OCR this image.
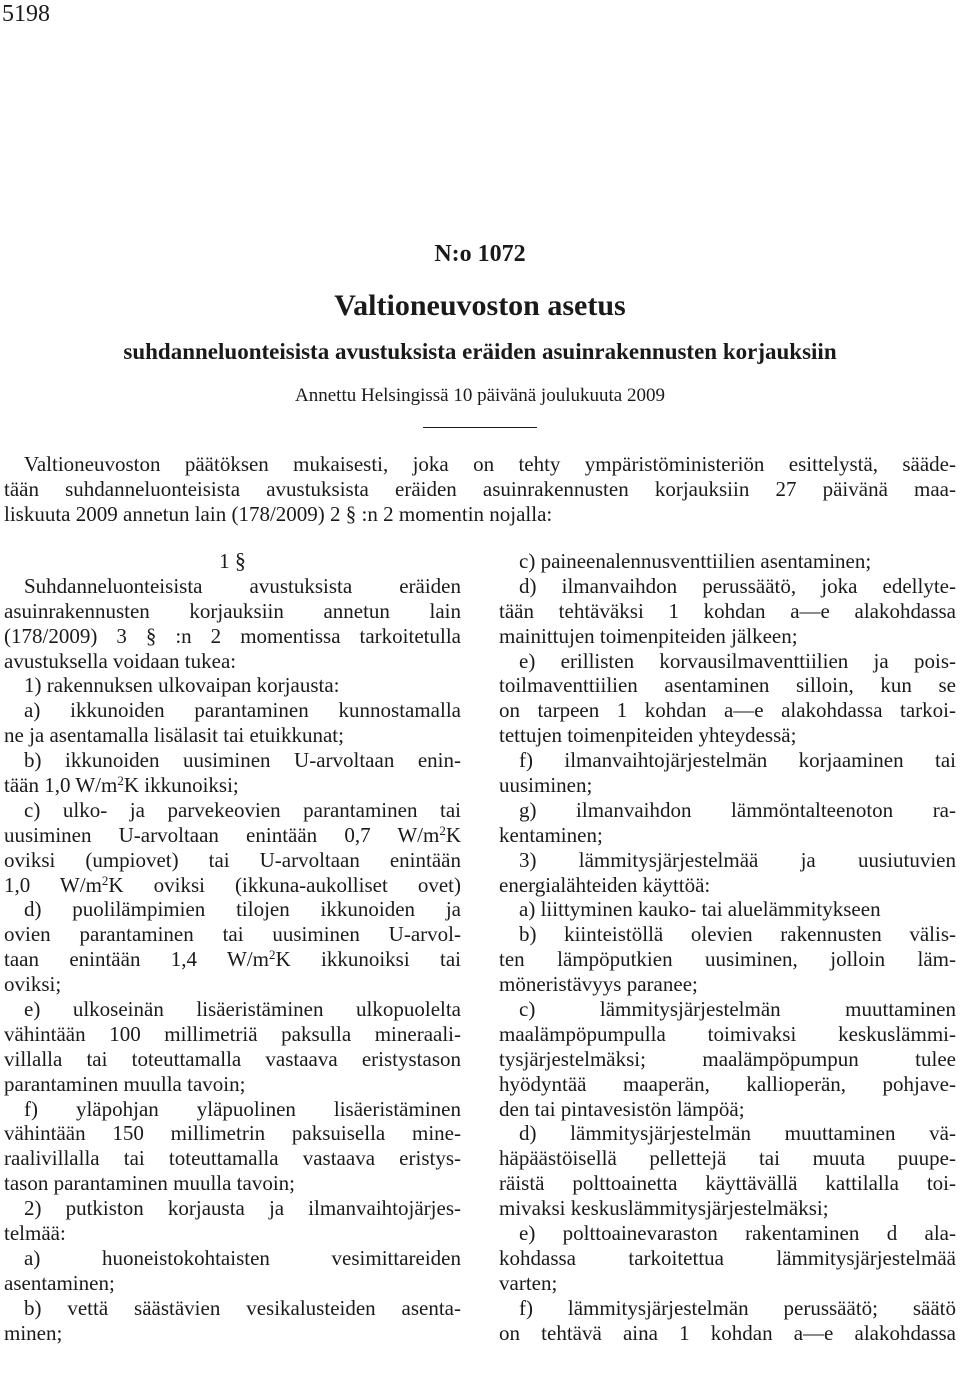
5198
N:o 1072
Valtioneuvoston asetus
suhdanneluonteisista avustuksista eräiden asuinrakennusten korjauksiin
Annettu Helsingissä 10 päivänä joulukuuta 2009
Valtioneuvoston päätöksen mukaisesti, joka on tehty ympäristöministeriön esittelystä, sääde-
tään suhdanneluonteisista avustuksista eräiden asuinrakennusten korjauksiin 27 päivänä maa-
liskuuta 2009 annetun lain (178/2009) 2 § :n 2 momentin nojalla:
1 §
Suhdanneluonteisista avustuksista eräiden
asuinrakennusten korjauksiin annetun lain
(178/2009) 3 § :n 2 momentissa tarkoitetulla
avustuksella voidaan tukea:
1) rakennuksen ulkovaipan korjausta:
a) ikkunoiden parantaminen kunnostamalla
ne ja asentamalla lisälasit tai etuikkunat;
b) ikkunoiden uusiminen U-arvoltaan enin-
tään 1,0 $W/m^2K$ ikkunoiksi;
c) ulko- ja parvekeovien parantaminen tai
uusiminen U-arvoltaan enintään 0,7 $W/m^2K$
oviksi (umpiovet) tai U-arvoltaan enintään
1,0 $W/m^2K$ oviksi (ikkuna-aukolliset ovet)
d) puolilämpimien tilojen ikkunoiden ja
ovien parantaminen tai uusiminen U-arvol-
taan enintään 1,4 $W/m^2K$ ikkunoiksi tai
oviksi;
e) ulkoseinän lisäeristäminen ulkopuolelta
vähintään 100 millimetriä paksulla mineraali-
villalla tai toteuttamalla vastaava eristystason
parantaminen muulla tavoin;
f) yläpohjan yläpuolinen lisäeristäminen
vähintään 150 millimetrin paksuisella mine-
raalivillalla tai toteuttamalla vastaava eristys-
tason parantaminen muulla tavoin;
2) putkiston korjausta ja ilmanvaihtojärjes-
telmää:
a) huoneistokohtaisten vesimittareiden
asentaminen;
b) vettä säästävien vesikalusteiden asenta-
minen;
c) paineenalennusventtiilien asentaminen;
d) ilmanvaihdon perussäätö, joka edellyte-
tään tehtäväksi 1 kohdan a—e alakohdassa
mainittujen toimenpiteiden jälkeen;
e) erillisten korvausilmaventtiilien ja pois-
toilmaventtiilien asentaminen silloin, kun se
on tarpeen 1 kohdan a—e alakohdassa tarkoi-
tettujen toimenpiteiden yhteydessä;
f) ilmanvaihtojärjestelmän korjaaminen tai
uusiminen;
g) ilmanvaihdon lämmöntalteenoton ra-
kentaminen;
3) lämmitysjärjestelmää ja uusiutuvien
energialähteiden käyttöä:
a) liittyminen kauko- tai aluelämmitykseen
b) kiinteistöllä olevien rakennusten välis-
ten lämpöputkien uusiminen, jolloin läm-
möneristävyys paranee;
c) lämmitysjärjestelmän muuttaminen
maalämpöpumpulla toimivaksi keskuslämmi-
tysjärjestelmäksi; maalämpöpumpun tulee
hyödyntää maaperän, kallioperän, pohjave-
den tai pintavesistön lämpöä;
d) lämmitysjärjestelmän muuttaminen vä-
häpäästöisellä pellettejä tai muuta puupe-
räistä polttoainetta käyttävällä kattilalla toi-
mivaksi keskuslämmitysjärjestelmäksi;
e) polttoainevaraston rakentaminen d ala-
kohdassa tarkoitettua lämmitysjärjestelmää
varten;
f) lämmitysjärjestelmän perussäätö; säätö
on tehtävä aina 1 kohdan a—e alakohdassa
